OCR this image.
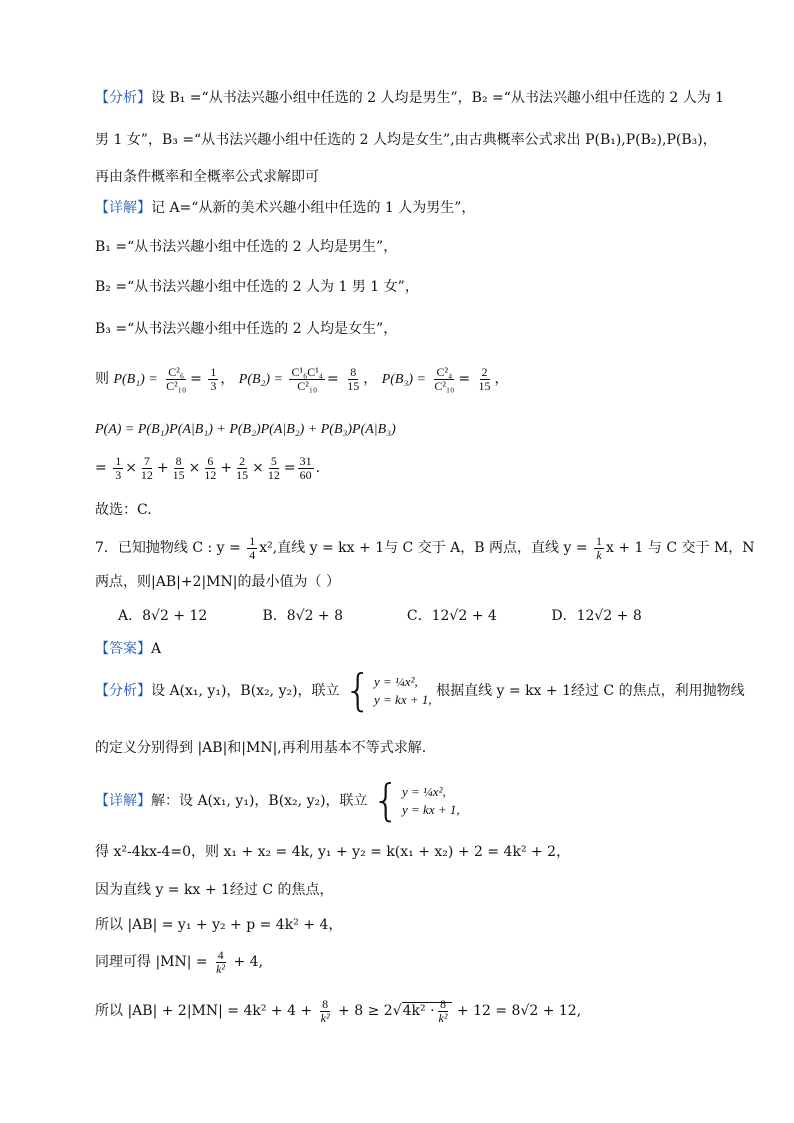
【分析】设 B₁ =“从书法兴趣小组中任选的 2 人均是男生”，B₂ =“从书法兴趣小组中任选的 2 人为 1
男 1 女”，B₃ =“从书法兴趣小组中任选的 2 人均是女生”,由古典概率公式求出 P(B₁),P(B₂),P(B₃)，
再由条件概率和全概率公式求解即可
【详解】记 A=“从新的美术兴趣小组中任选的 1 人为男生”，
B₁ =“从书法兴趣小组中任选的 2 人均是男生”，
B₂ =“从书法兴趣小组中任选的 2 人为 1 男 1 女”，
B₃ =“从书法兴趣小组中任选的 2 人均是女生”，
则 $P(B_1) = \frac{\text{C²₆}}{\text{C²₁₀}} = \frac{1}{3}$ ， $P(B_2) = \frac{\text{C¹₆C¹₄}}{\text{C²₁₀}} = \frac{8}{15}$ ， $P(B_3) = \frac{\text{C²₄}}{\text{C²₁₀}} = \frac{2}{15}$ ，
P(A) = P(B₁)P(A|B₁) + P(B₂)P(A|B₂) + P(B₃)P(A|B₃)
= $\frac{1}{3} \times \frac{7}{12} + \frac{8}{15} \times \frac{6}{12} + \frac{2}{15} \times \frac{5}{12} = \frac{31}{60}$ .
故选：C.
7．已知抛物线 C : $y = \frac{1}{4} x^2$,直线 y = kx + 1与 C 交于 A，B 两点，直线 $y = \frac{1}{k}$ x + 1 与 C 交于 M，N
两点，则|AB|+2|MN|的最小值为（ ）
A．8√2 + 12	B．8√2 + 8	C．12√2 + 4	D．12√2 + 8
【答案】A
【分析】设 A(x₁, y₁)，B(x₂, y₂)，联立 { y = ¼x²,
y = kx + 1,
根据直线 y = kx + 1经过 C 的焦点，利用抛物线
的定义分别得到 |AB|和|MN|,再利用基本不等式求解.
【详解】解：设 A(x₁, y₁)，B(x₂, y₂)，联立 { y = ¼x²,
y = kx + 1,
得 x²-4kx-4=0，则 x₁ + x₂ = 4k, y₁ + y₂ = k(x₁ + x₂) + 2 = 4k² + 2，
因为直线 y = kx + 1经过 C 的焦点，
所以 |AB| = y₁ + y₂ + p = 4k² + 4，
同理可得 $|MN| = \frac{4}{\text{k²}} + 4$,
所以 $|AB| + 2|MN| = 4k^2 + 4 + \frac{8}{\text{k²}} + 8 \ge 2√4k^2 \cdot \frac{8}{\text{k²}} + 12 = 8√2 + 12$,
